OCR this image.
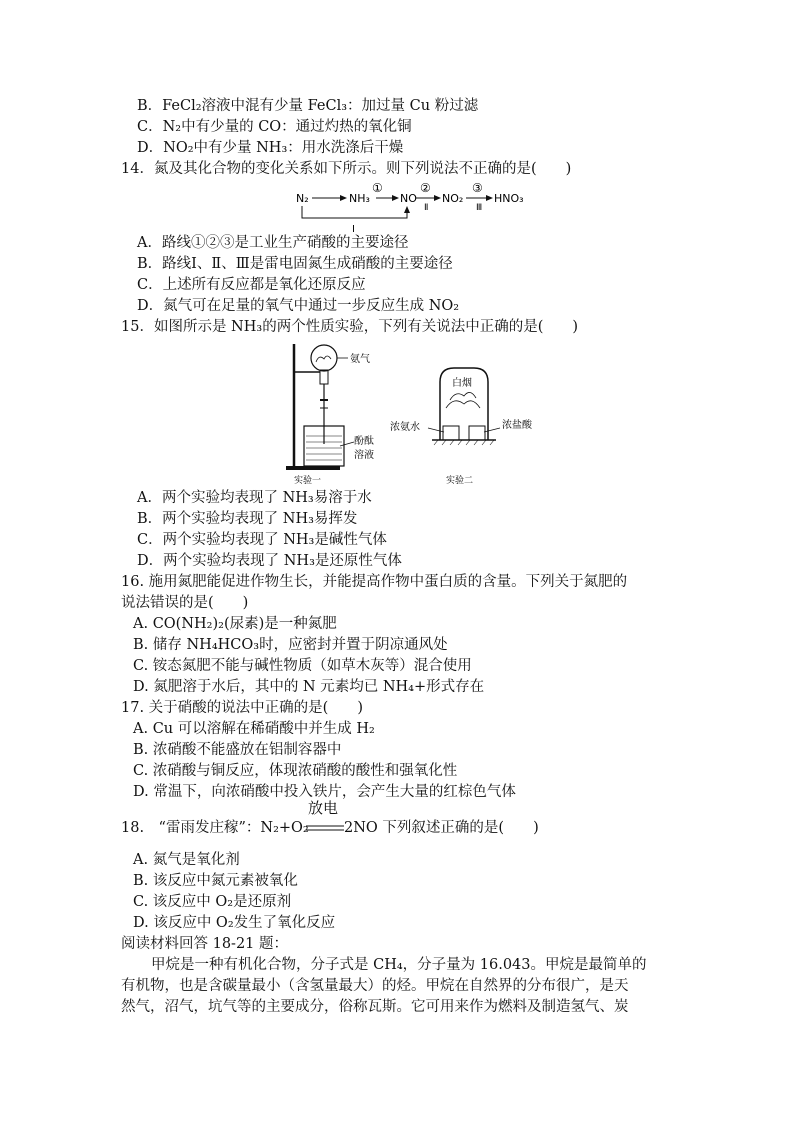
B．FeCl₂溶液中混有少量 FeCl₃：加过量 Cu 粉过滤
C．N₂中有少量的 CO：通过灼热的氧化铜
D．NO₂中有少量 NH₃：用水洗涤后干燥
14．氮及其化合物的变化关系如下所示。则下列说法不正确的是(　　)
N₂	NH₃
①
NO
②
Ⅱ
NO₂
③
Ⅲ
HNO₃
I
A．路线①②③是工业生产硝酸的主要途径
B．路线Ⅰ、Ⅱ、Ⅲ是雷电固氮生成硝酸的主要途径
C．上述所有反应都是氧化还原反应
D．氮气可在足量的氧气中通过一步反应生成 NO₂
15．如图所示是 NH₃的两个性质实验，下列有关说法中正确的是(　　)
氨气
酚酞
溶液
实验一
白烟
浓氨水	浓盐酸
实验二
A．两个实验均表现了 NH₃易溶于水
B．两个实验均表现了 NH₃易挥发
C．两个实验均表现了 NH₃是碱性气体
D．两个实验均表现了 NH₃是还原性气体
16. 施用氮肥能促进作物生长，并能提高作物中蛋白质的含量。下列关于氮肥的
说法错误的是(　　)
A. CO(NH₂)₂(尿素)是一种氮肥
B. 储存 NH₄HCO₃时，应密封并置于阴凉通风处
C. 铵态氮肥不能与碱性物质（如草木灰等）混合使用
D. 氮肥溶于水后，其中的 N 元素均已 NH₄+形式存在
17. 关于硝酸的说法中正确的是(　　)
A. Cu 可以溶解在稀硝酸中并生成 H₂
B. 浓硝酸不能盛放在铝制容器中
C. 浓硝酸与铜反应，体现浓硝酸的酸性和强氧化性
D. 常温下，向浓硝酸中投入铁片，会产生大量的红棕色气体
放电
18.　“雷雨发庄稼”：N₂+O₂ 2NO 下列叙述正确的是(　　)
A. 氮气是氧化剂
B. 该反应中氮元素被氧化
C. 该反应中 O₂是还原剂
D. 该反应中 O₂发生了氧化反应
阅读材料回答 18-21 题：
甲烷是一种有机化合物，分子式是 CH₄，分子量为 16.043。甲烷是最简单的
有机物，也是含碳量最小（含氢量最大）的烃。甲烷在自然界的分布很广，是天
然气，沼气，坑气等的主要成分，俗称瓦斯。它可用来作为燃料及制造氢气、炭
